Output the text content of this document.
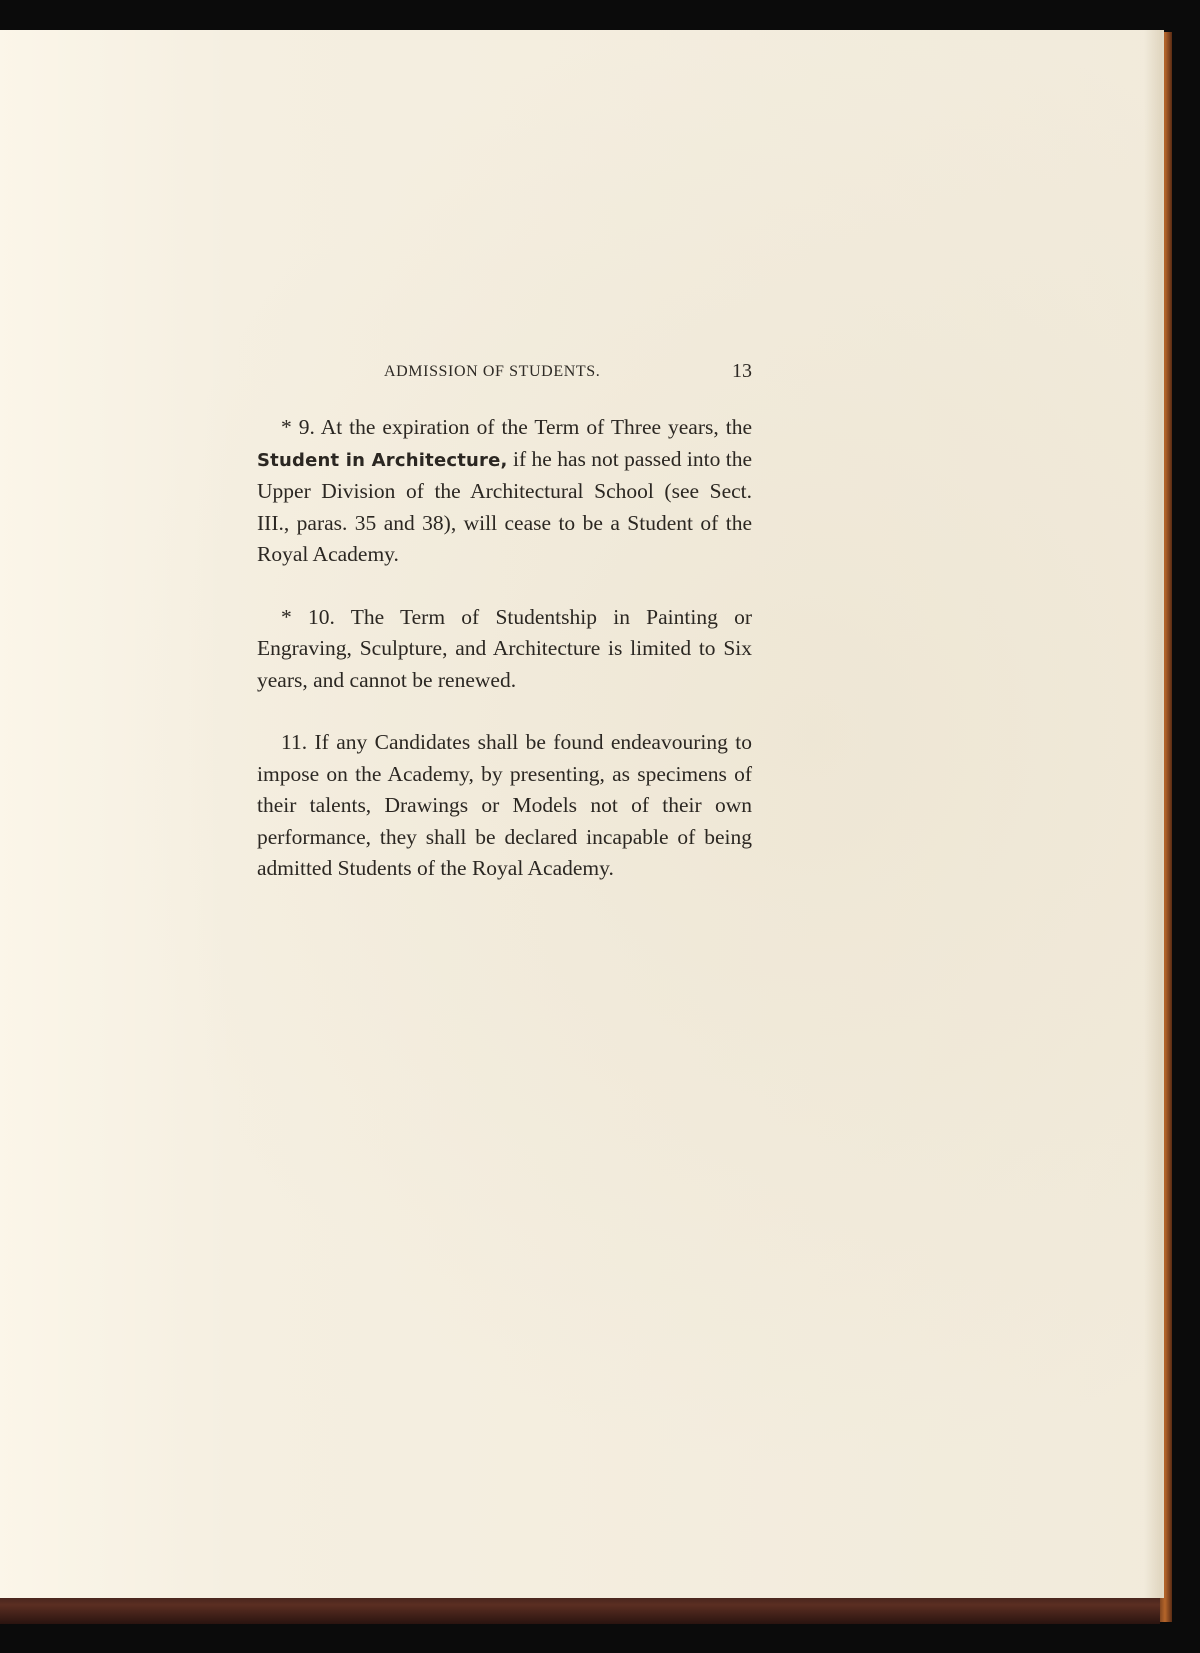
ADMISSION OF STUDENTS.	13

* 9. At the expiration of the Term of Three years, the Student in Architecture, if he has not passed into the Upper Division of the Architectural School (see Sect. III., paras. 35 and 38), will cease to be a Student of the Royal Academy.

* 10. The Term of Studentship in Painting or Engraving, Sculpture, and Architecture is limited to Six years, and cannot be renewed.

11. If any Candidates shall be found endeavouring to impose on the Academy, by presenting, as specimens of their talents, Drawings or Models not of their own performance, they shall be declared incapable of being admitted Students of the Royal Academy.
